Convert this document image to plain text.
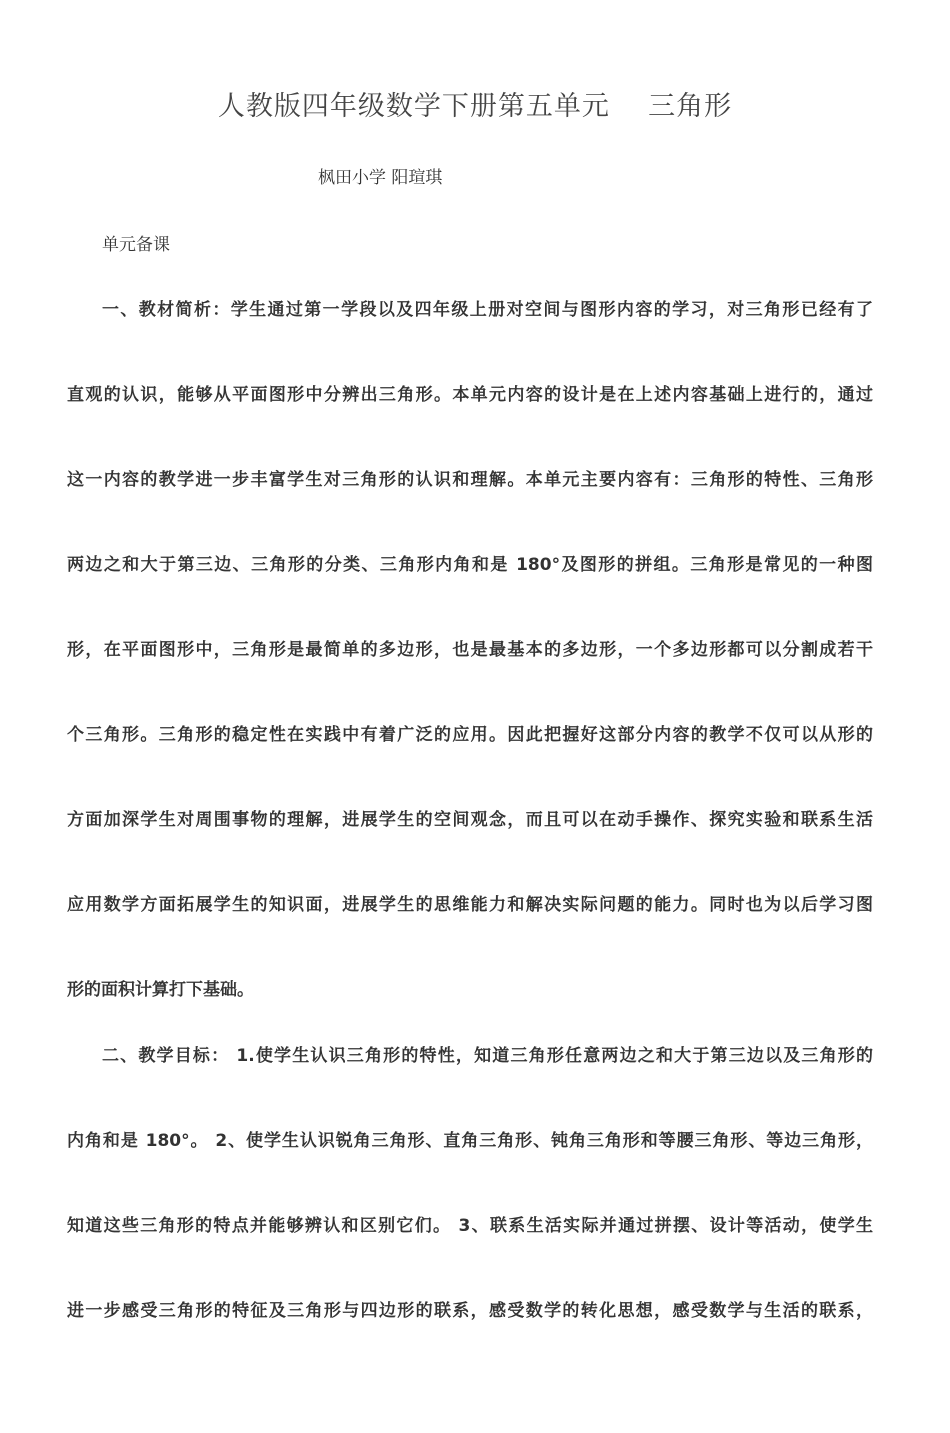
人教版四年级数学下册第五单元    三角形
枫田小学 阳瑄琪
单元备课
一、教材简析：学生通过第一学段以及四年级上册对空间与图形内容的学习，对三角形已经有了
直观的认识，能够从平面图形中分辨出三角形。本单元内容的设计是在上述内容基础上进行的，通过
这一内容的教学进一步丰富学生对三角形的认识和理解。本单元主要内容有：三角形的特性、三角形
两边之和大于第三边、三角形的分类、三角形内角和是 180°及图形的拼组。三角形是常见的一种图
形，在平面图形中，三角形是最简单的多边形，也是最基本的多边形，一个多边形都可以分割成若干
个三角形。三角形的稳定性在实践中有着广泛的应用。因此把握好这部分内容的教学不仅可以从形的
方面加深学生对周围事物的理解，进展学生的空间观念，而且可以在动手操作、探究实验和联系生活
应用数学方面拓展学生的知识面，进展学生的思维能力和解决实际问题的能力。同时也为以后学习图
形的面积计算打下基础。
二、教学目标： 1.使学生认识三角形的特性，知道三角形任意两边之和大于第三边以及三角形的
内角和是 180°。 2、使学生认识锐角三角形、直角三角形、钝角三角形和等腰三角形、等边三角形，
知道这些三角形的特点并能够辨认和区别它们。 3、联系生活实际并通过拼摆、设计等活动，使学生
进一步感受三角形的特征及三角形与四边形的联系，感受数学的转化思想，感受数学与生活的联系，
